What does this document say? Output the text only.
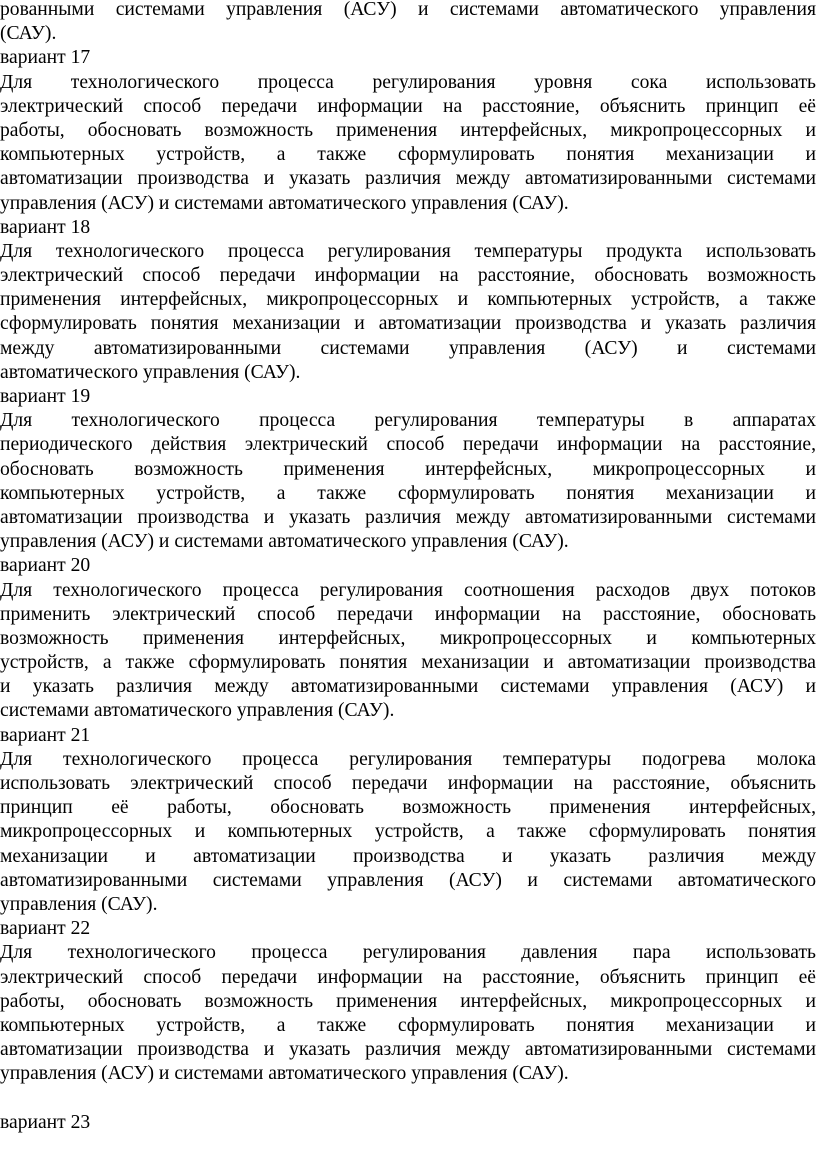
рованными системами управления (АСУ) и системами автоматического управления
(САУ).
вариант 17
Для технологического процесса регулирования уровня сока использовать
электрический способ передачи информации на расстояние, объяснить принцип её
работы, обосновать возможность применения интерфейсных, микропроцессорных и
компьютерных устройств, а также сформулировать понятия механизации и
автоматизации производства и указать различия между автоматизированными системами
управления (АСУ) и системами автоматического управления (САУ).
вариант 18
Для технологического процесса регулирования температуры продукта использовать
электрический способ передачи информации на расстояние, обосновать возможность
применения интерфейсных, микропроцессорных и компьютерных устройств, а также
сформулировать понятия механизации и автоматизации производства и указать различия
между автоматизированными системами управления (АСУ) и системами
автоматического управления (САУ).
вариант 19
Для технологического процесса регулирования температуры в аппаратах
периодического действия электрический способ передачи информации на расстояние,
обосновать возможность применения интерфейсных, микропроцессорных и
компьютерных устройств, а также сформулировать понятия механизации и
автоматизации производства и указать различия между автоматизированными системами
управления (АСУ) и системами автоматического управления (САУ).
вариант 20
Для технологического процесса регулирования соотношения расходов двух потоков
применить электрический способ передачи информации на расстояние, обосновать
возможность применения интерфейсных, микропроцессорных и компьютерных
устройств, а также сформулировать понятия механизации и автоматизации производства
и указать различия между автоматизированными системами управления (АСУ) и
системами автоматического управления (САУ).
вариант 21
Для технологического процесса регулирования температуры подогрева молока
использовать электрический способ передачи информации на расстояние, объяснить
принцип её работы, обосновать возможность применения интерфейсных,
микропроцессорных и компьютерных устройств, а также сформулировать понятия
механизации и автоматизации производства и указать различия между
автоматизированными системами управления (АСУ) и системами автоматического
управления (САУ).
вариант 22
Для технологического процесса регулирования давления пара использовать
электрический способ передачи информации на расстояние, объяснить принцип её
работы, обосновать возможность применения интерфейсных, микропроцессорных и
компьютерных устройств, а также сформулировать понятия механизации и
автоматизации производства и указать различия между автоматизированными системами
управления (АСУ) и системами автоматического управления (САУ).
вариант 23
